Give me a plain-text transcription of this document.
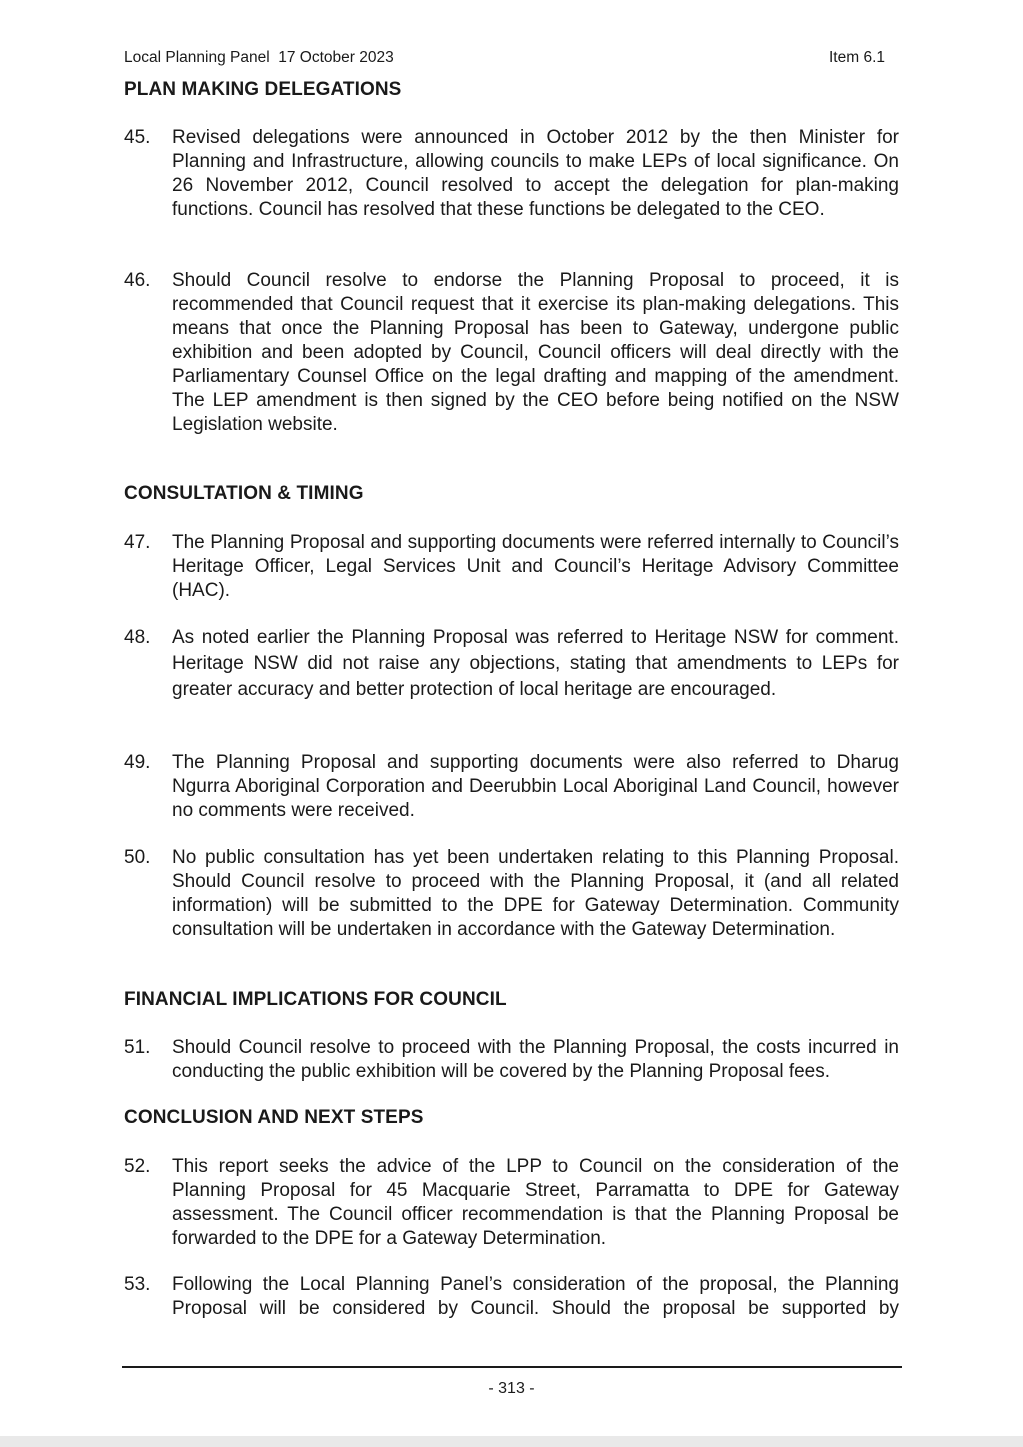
Local Planning Panel  17 October 2023	Item 6.1
PLAN MAKING DELEGATIONS
45.	Revised delegations were announced in October 2012 by the then Minister for Planning and Infrastructure, allowing councils to make LEPs of local significance. On 26 November 2012, Council resolved to accept the delegation for plan-making functions. Council has resolved that these functions be delegated to the CEO.
46.	Should Council resolve to endorse the Planning Proposal to proceed, it is recommended that Council request that it exercise its plan-making delegations. This means that once the Planning Proposal has been to Gateway, undergone public exhibition and been adopted by Council, Council officers will deal directly with the Parliamentary Counsel Office on the legal drafting and mapping of the amendment. The LEP amendment is then signed by the CEO before being notified on the NSW Legislation website.
CONSULTATION & TIMING
47.	The Planning Proposal and supporting documents were referred internally to Council’s Heritage Officer, Legal Services Unit and Council’s Heritage Advisory Committee (HAC).
48.	As noted earlier the Planning Proposal was referred to Heritage NSW for comment. Heritage NSW did not raise any objections, stating that amendments to LEPs for greater accuracy and better protection of local heritage are encouraged.
49.	The Planning Proposal and supporting documents were also referred to Dharug Ngurra Aboriginal Corporation and Deerubbin Local Aboriginal Land Council, however no comments were received.
50.	No public consultation has yet been undertaken relating to this Planning Proposal. Should Council resolve to proceed with the Planning Proposal, it (and all related information) will be submitted to the DPE for Gateway Determination. Community consultation will be undertaken in accordance with the Gateway Determination.
FINANCIAL IMPLICATIONS FOR COUNCIL
51.	Should Council resolve to proceed with the Planning Proposal, the costs incurred in conducting the public exhibition will be covered by the Planning Proposal fees.
CONCLUSION AND NEXT STEPS
52.	This report seeks the advice of the LPP to Council on the consideration of the Planning Proposal for 45 Macquarie Street, Parramatta to DPE for Gateway assessment. The Council officer recommendation is that the Planning Proposal be forwarded to the DPE for a Gateway Determination.
53.	Following the Local Planning Panel’s consideration of the proposal, the Planning Proposal will be considered by Council. Should the proposal be supported by
- 313 -
